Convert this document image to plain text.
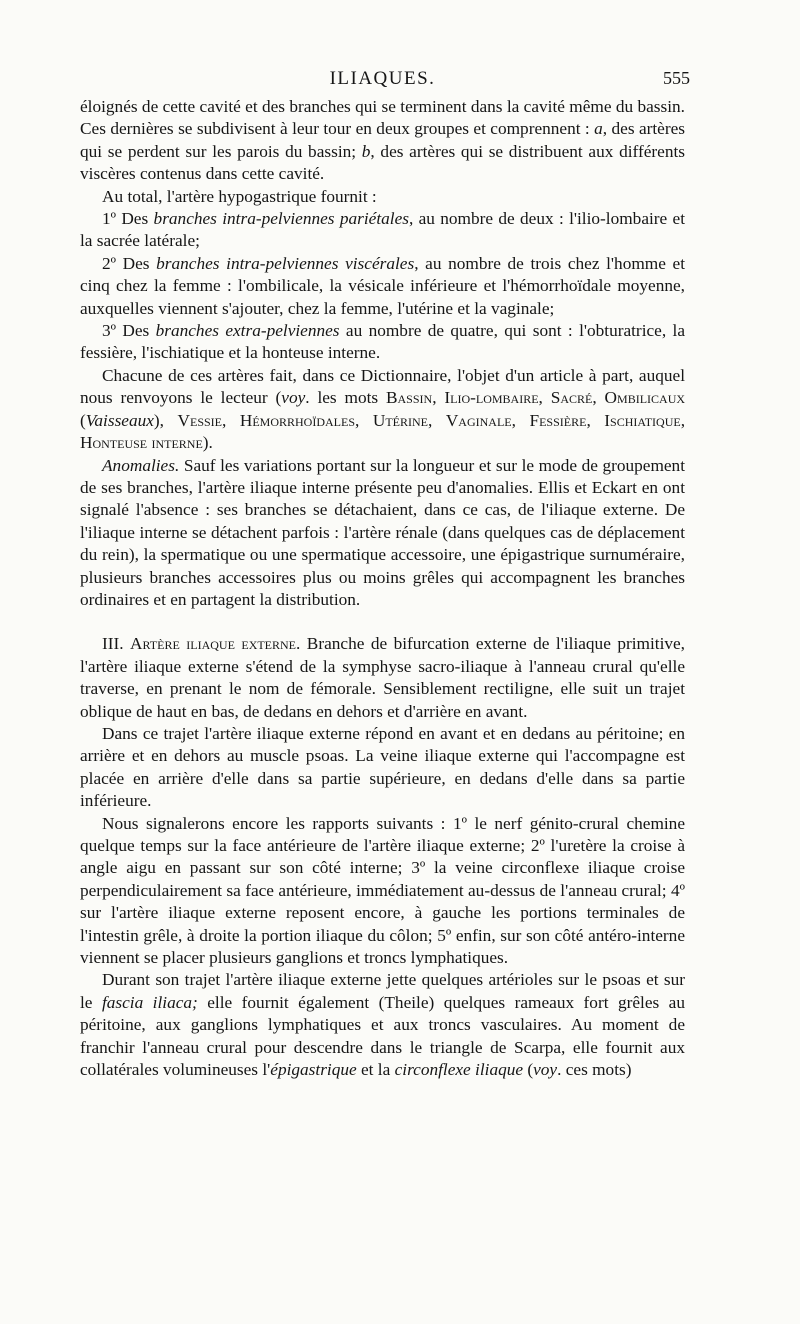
ILIAQUES.	555

éloignés de cette cavité et des branches qui se terminent dans la cavité même du bassin. Ces dernières se subdivisent à leur tour en deux groupes et comprennent : a, des artères qui se perdent sur les parois du bassin; b, des artères qui se distribuent aux différents viscères contenus dans cette cavité.

Au total, l'artère hypogastrique fournit :

1º Des branches intra-pelviennes pariétales, au nombre de deux : l'ilio-lombaire et la sacrée latérale;

2º Des branches intra-pelviennes viscérales, au nombre de trois chez l'homme et cinq chez la femme : l'ombilicale, la vésicale inférieure et l'hémorrhoïdale moyenne, auxquelles viennent s'ajouter, chez la femme, l'utérine et la vaginale;

3º Des branches extra-pelviennes au nombre de quatre, qui sont : l'obturatrice, la fessière, l'ischiatique et la honteuse interne.

Chacune de ces artères fait, dans ce Dictionnaire, l'objet d'un article à part, auquel nous renvoyons le lecteur (voy. les mots Bassin, Ilio-lombaire, Sacré, Ombilicaux (Vaisseaux), Vessie, Hémorrhoïdales, Utérine, Vaginale, Fessière, Ischiatique, Honteuse interne).

Anomalies. Sauf les variations portant sur la longueur et sur le mode de groupement de ses branches, l'artère iliaque interne présente peu d'anomalies. Ellis et Eckart en ont signalé l'absence : ses branches se détachaient, dans ce cas, de l'iliaque externe. De l'iliaque interne se détachent parfois : l'artère rénale (dans quelques cas de déplacement du rein), la spermatique ou une spermatique accessoire, une épigastrique surnuméraire, plusieurs branches accessoires plus ou moins grêles qui accompagnent les branches ordinaires et en partagent la distribution.

III. Artère iliaque externe. Branche de bifurcation externe de l'iliaque primitive, l'artère iliaque externe s'étend de la symphyse sacro-iliaque à l'anneau crural qu'elle traverse, en prenant le nom de fémorale. Sensiblement rectiligne, elle suit un trajet oblique de haut en bas, de dedans en dehors et d'arrière en avant.

Dans ce trajet l'artère iliaque externe répond en avant et en dedans au péritoine; en arrière et en dehors au muscle psoas. La veine iliaque externe qui l'accompagne est placée en arrière d'elle dans sa partie supérieure, en dedans d'elle dans sa partie inférieure.

Nous signalerons encore les rapports suivants : 1º le nerf génito-crural chemine quelque temps sur la face antérieure de l'artère iliaque externe; 2º l'uretère la croise à angle aigu en passant sur son côté interne; 3º la veine circonflexe iliaque croise perpendiculairement sa face antérieure, immédiatement au-dessus de l'anneau crural; 4º sur l'artère iliaque externe reposent encore, à gauche les portions terminales de l'intestin grêle, à droite la portion iliaque du côlon; 5º enfin, sur son côté antéro-interne viennent se placer plusieurs ganglions et troncs lymphatiques.

Durant son trajet l'artère iliaque externe jette quelques artérioles sur le psoas et sur le fascia iliaca; elle fournit également (Theile) quelques rameaux fort grêles au péritoine, aux ganglions lymphatiques et aux troncs vasculaires. Au moment de franchir l'anneau crural pour descendre dans le triangle de Scarpa, elle fournit aux collatérales volumineuses l'épigastrique et la circonflexe iliaque (voy. ces mots)
